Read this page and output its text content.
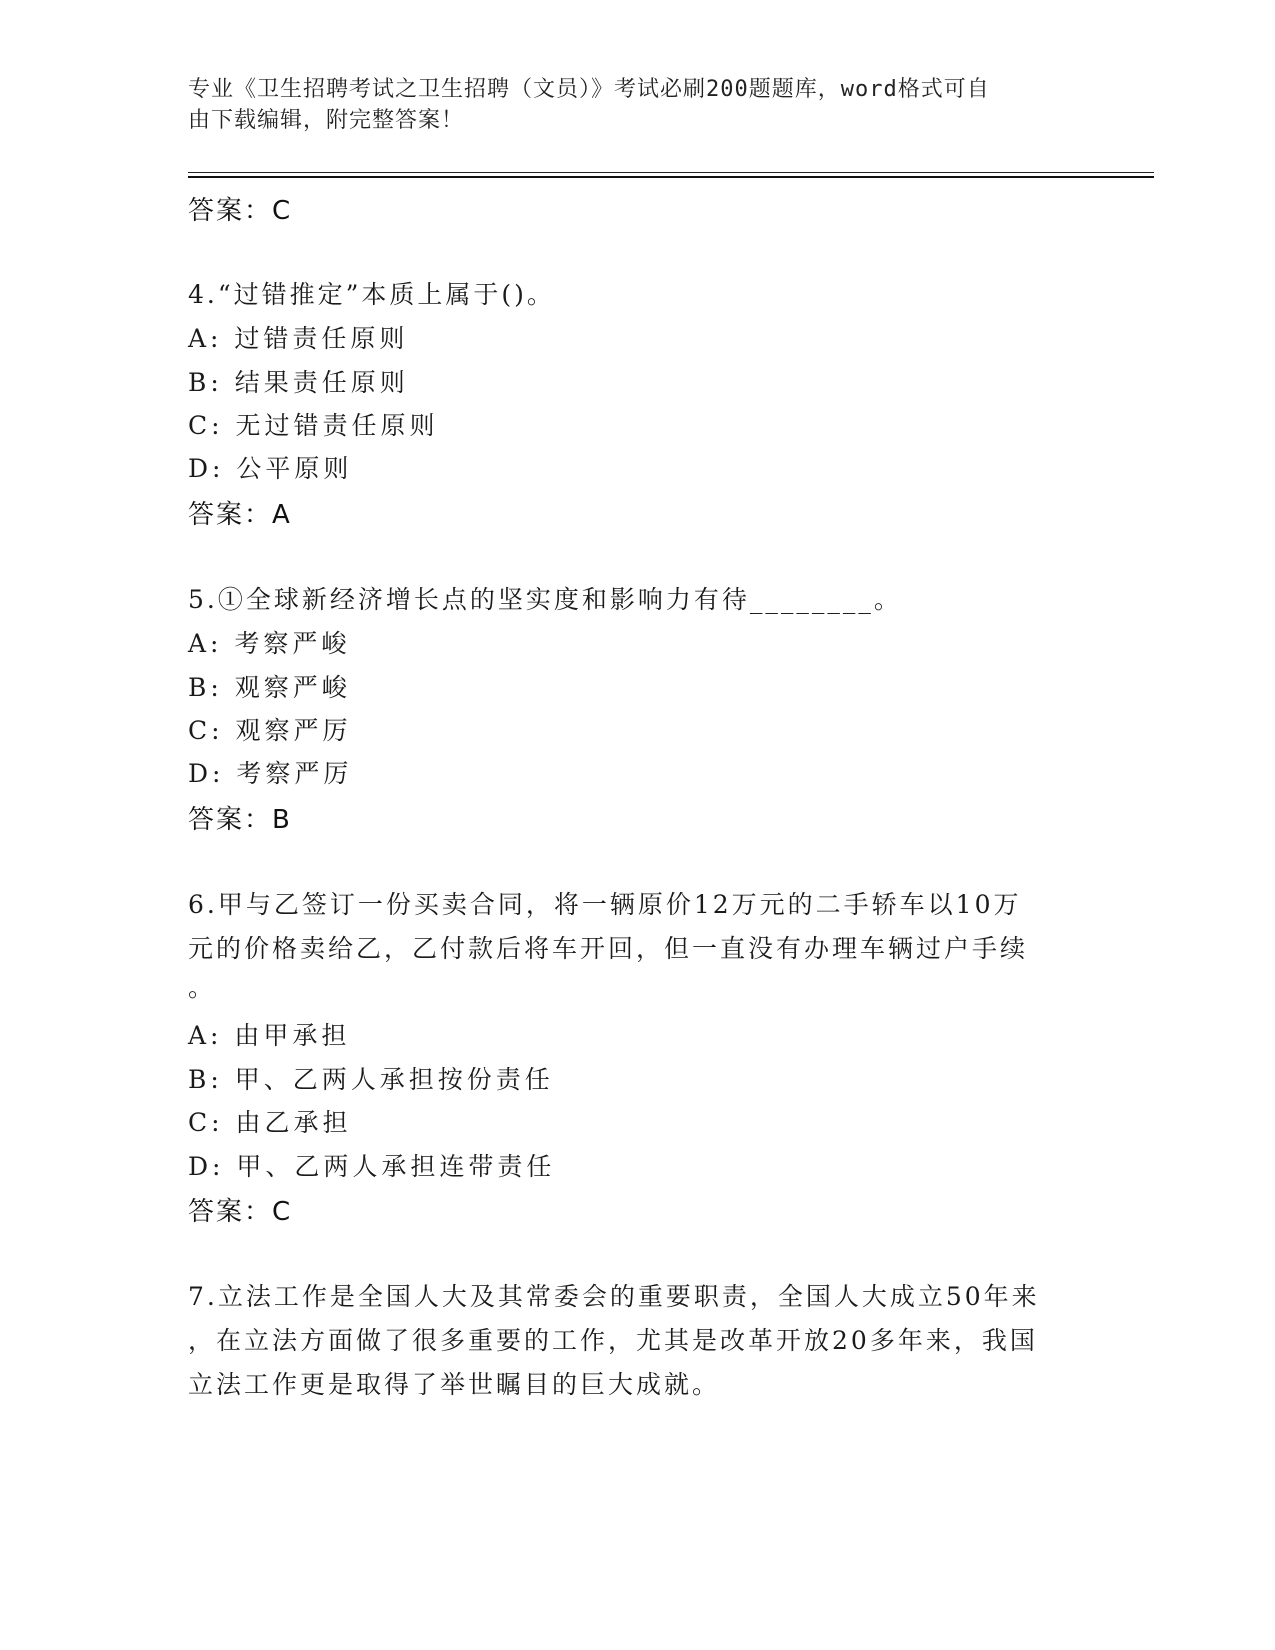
专业《卫生招聘考试之卫生招聘（文员）》考试必刷200题题库，word格式可自
由下载编辑，附完整答案！
答案：C
4.“过错推定”本质上属于()。
A: 过错责任原则
B: 结果责任原则
C: 无过错责任原则
D: 公平原则
答案：A
5.①全球新经济增长点的坚实度和影响力有待________。
A: 考察严峻
B: 观察严峻
C: 观察严厉
D: 考察严厉
答案：B
6.甲与乙签订一份买卖合同，将一辆原价12万元的二手轿车以10万
元的价格卖给乙，乙付款后将车开回，但一直没有办理车辆过户手续
。
A: 由甲承担
B: 甲、乙两人承担按份责任
C: 由乙承担
D: 甲、乙两人承担连带责任
答案：C
7.立法工作是全国人大及其常委会的重要职责，全国人大成立50年来
，在立法方面做了很多重要的工作，尤其是改革开放20多年来，我国
立法工作更是取得了举世瞩目的巨大成就。
